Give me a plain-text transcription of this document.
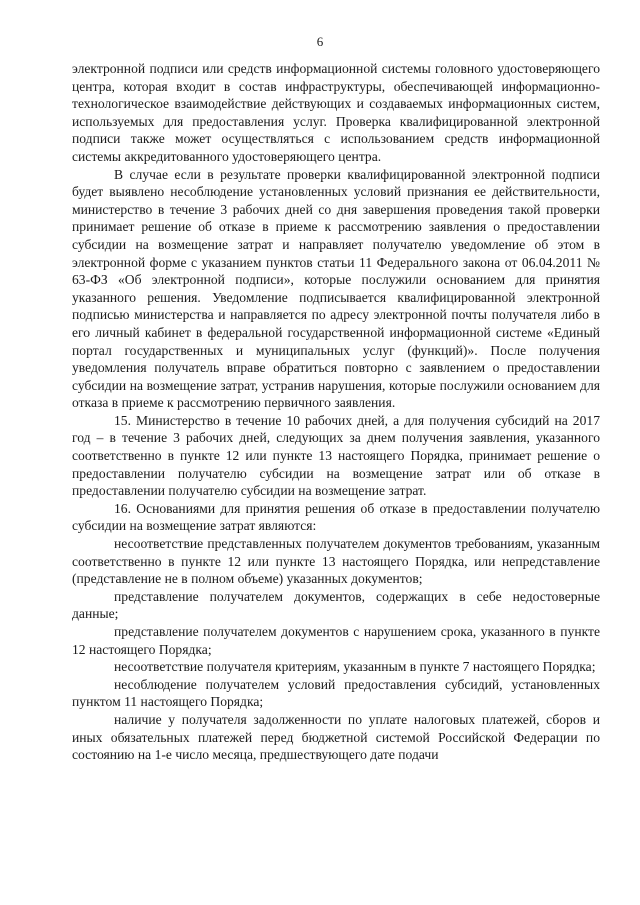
6

электронной подписи или средств информационной системы головного удостоверяющего центра, которая входит в состав инфраструктуры, обеспечивающей информационно-технологическое взаимодействие действующих и создаваемых информационных систем, используемых для предоставления услуг. Проверка квалифицированной электронной подписи также может осуществляться с использованием средств информационной системы аккредитованного удостоверяющего центра.

В случае если в результате проверки квалифицированной электронной подписи будет выявлено несоблюдение установленных условий признания ее действительности, министерство в течение 3 рабочих дней со дня завершения проведения такой проверки принимает решение об отказе в приеме к рассмотрению заявления о предоставлении субсидии на возмещение затрат и направляет получателю уведомление об этом в электронной форме с указанием пунктов статьи 11 Федерального закона от 06.04.2011 № 63-ФЗ «Об электронной подписи», которые послужили основанием для принятия указанного решения. Уведомление подписывается квалифицированной электронной подписью министерства и направляется по адресу электронной почты получателя либо в его личный кабинет в федеральной государственной информационной системе «Единый портал государственных и муниципальных услуг (функций)». После получения уведомления получатель вправе обратиться повторно с заявлением о предоставлении субсидии на возмещение затрат, устранив нарушения, которые послужили основанием для отказа в приеме к рассмотрению первичного заявления.

15. Министерство в течение 10 рабочих дней, а для получения субсидий на 2017 год – в течение 3 рабочих дней, следующих за днем получения заявления, указанного соответственно в пункте 12 или пункте 13 настоящего Порядка, принимает решение о предоставлении получателю субсидии на возмещение затрат или об отказе в предоставлении получателю субсидии на возмещение затрат.

16. Основаниями для принятия решения об отказе в предоставлении получателю субсидии на возмещение затрат являются:

несоответствие представленных получателем документов требованиям, указанным соответственно в пункте 12 или пункте 13 настоящего Порядка, или непредставление (представление не в полном объеме) указанных документов;

представление получателем документов, содержащих в себе недостоверные данные;

представление получателем документов с нарушением срока, указанного в пункте 12 настоящего Порядка;

несоответствие получателя критериям, указанным в пункте 7 настоящего Порядка;

несоблюдение получателем условий предоставления субсидий, установленных пунктом 11 настоящего Порядка;

наличие у получателя задолженности по уплате налоговых платежей, сборов и иных обязательных платежей перед бюджетной системой Российской Федерации по состоянию на 1-е число месяца, предшествующего дате подачи
